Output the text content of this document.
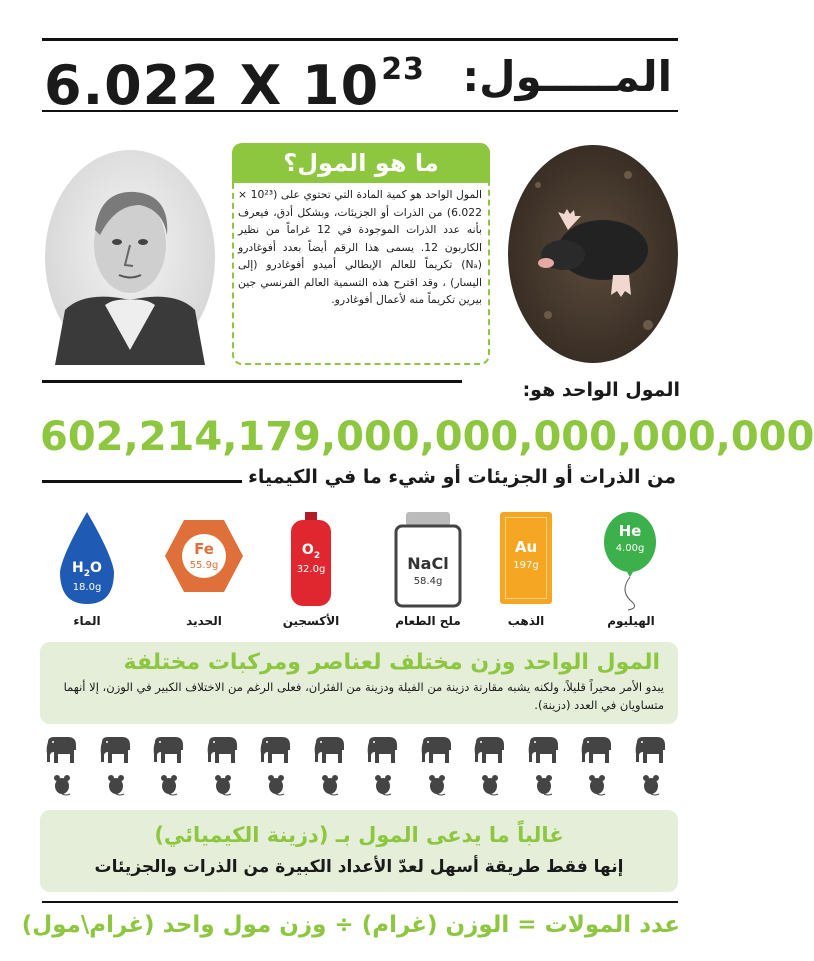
6.022 X $10^{23}$ المـــــول:
ما هو المول؟
المول الواحد هو كمية المادة التي تحتوي على (10²³ × 6.022) من الذرات أو الجزيئات، وبشكل أدق، فيعرف بأنه عدد الذرات الموجودة في 12 غراماً من نظير الكاربون 12. يسمى هذا الرقم أيضاً بعدد أفوغادرو (Nₐ) تكريماً للعالم الإيطالي أميدو أفوغادرو (إلى اليسار) ، وقد اقترح هذه التسمية العالم الفرنسي جين بيرين تكريماً منه لأعمال أفوغادرو.
المول الواحد هو:
602,214,179,000,000,000,000,000
من الذرات أو الجزيئات أو شيء ما في الكيمياء
He
4.00g
الهيليوم
Au
197g
الذهب
NaCl
58.4g
ملح الطعام
$O_2$
32.0g
الأكسجين
Fe
55.9g
الحديد
$H_2O$
18.0g
الماء
المول الواحد وزن مختلف لعناصر ومركبات مختلفة
يبدو الأمر محيراً قليلاً، ولكنه يشبه مقارنة دزينة من الفيلة ودزينة من الفئران، فعلى الرغم من الاختلاف الكبير في الوزن، إلا أنهما متساويان في العدد (دزينة).
غالباً ما يدعى المول بـ (دزينة الكيميائي)
إنها فقط طريقة أسهل لعدّ الأعداد الكبيرة من الذرات والجزيئات
عدد المولات = الوزن (غرام) ÷ وزن مول واحد (غرام\مول)
